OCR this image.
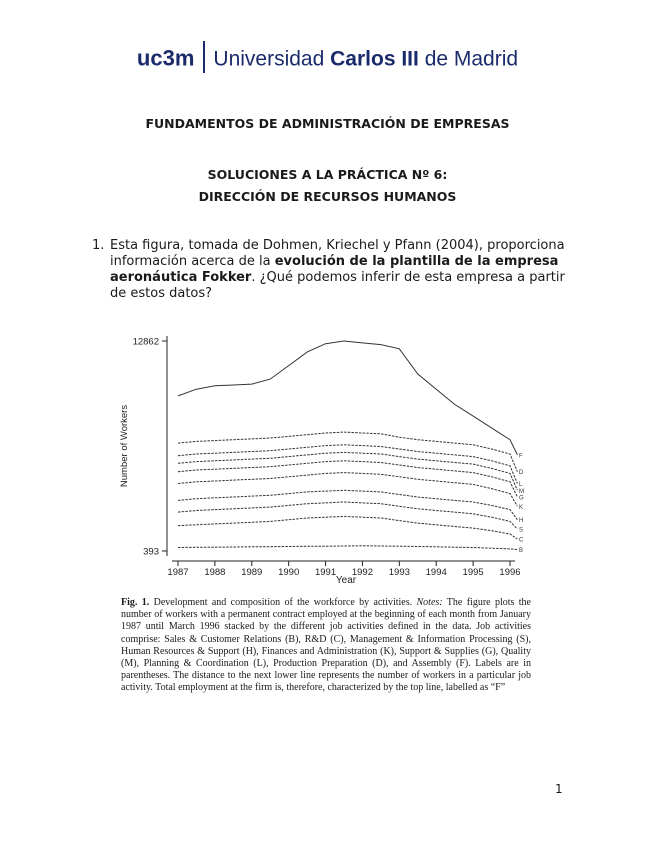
uc3m Universidad Carlos III de Madrid
FUNDAMENTOS DE ADMINISTRACIÓN DE EMPRESAS
SOLUCIONES A LA PRÁCTICA Nº 6:
DIRECCIÓN DE RECURSOS HUMANOS
1. Esta figura, tomada de Dohmen, Kriechel y Pfann (2004), proporciona información acerca de la evolución de la plantilla de la empresa aeronáutica Fokker. ¿Qué podemos inferir de esta empresa a partir de estos datos?
12862
393
1987 1988 1989 1990 1991 1992 1993 1994 1995 1996
Year
Number of Workers	F
D
L
M
G
K
H
S
C
B
Fig. 1. Development and composition of the workforce by activities. Notes: The figure plots the number of workers with a permanent contract employed at the beginning of each month from January 1987 until March 1996 stacked by the different job activities defined in the data. Job activities comprise: Sales & Customer Relations (B), R&D (C), Management & Information Processing (S), Human Resources & Support (H), Finances and Administration (K), Support & Supplies (G), Quality (M), Planning & Coordination (L), Production Preparation (D), and Assembly (F). Labels are in parentheses. The distance to the next lower line represents the number of workers in a particular job activity. Total employment at the firm is, therefore, characterized by the top line, labelled as “F”
1
